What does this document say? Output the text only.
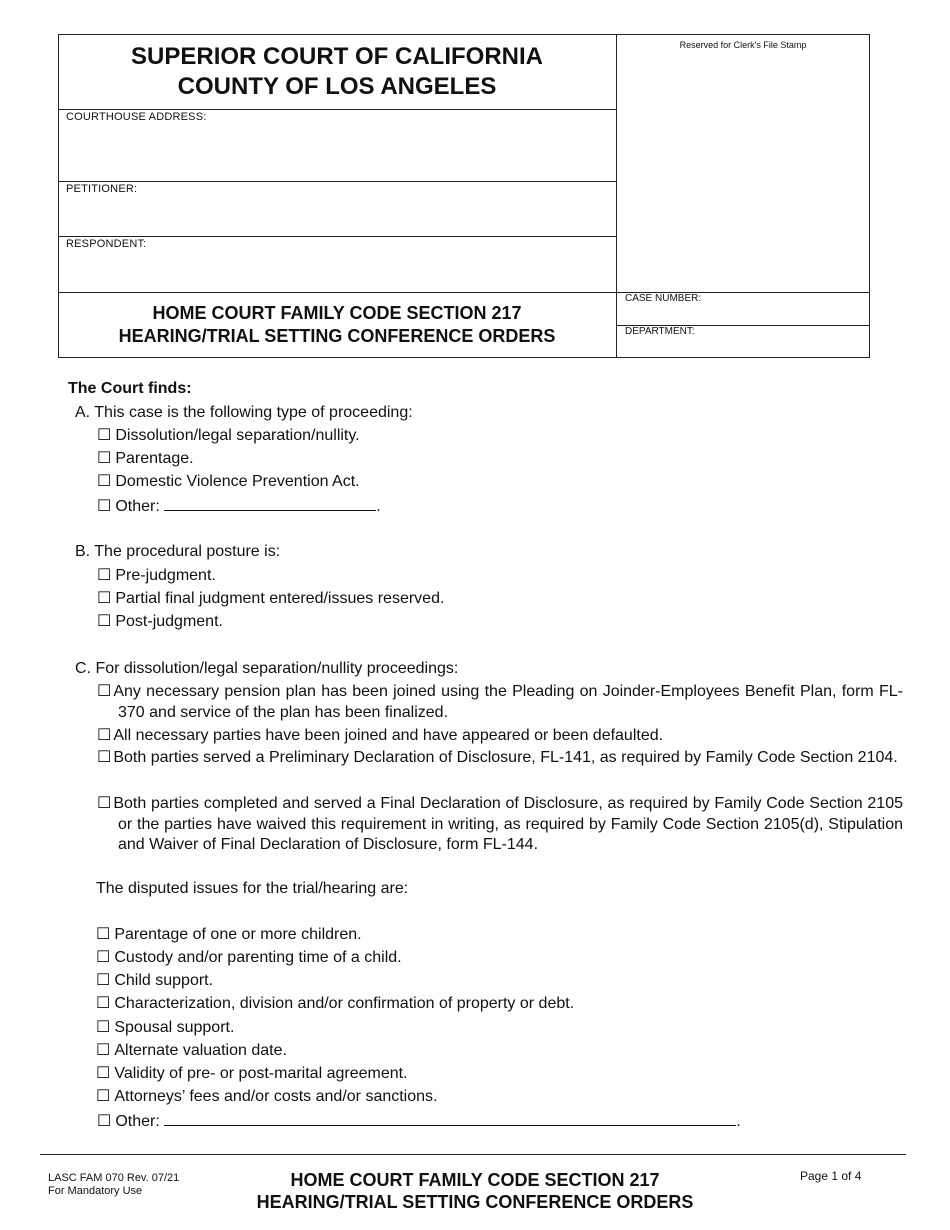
SUPERIOR COURT OF CALIFORNIA
COUNTY OF LOS ANGELES
Reserved for Clerk's File Stamp
COURTHOUSE ADDRESS:
PETITIONER:
RESPONDENT:
HOME COURT FAMILY CODE SECTION 217
HEARING/TRIAL SETTING CONFERENCE ORDERS
CASE NUMBER:
DEPARTMENT:
The Court finds:
A. This case is the following type of proceeding:
☐ Dissolution/legal separation/nullity.
☐ Parentage.
☐ Domestic Violence Prevention Act.
☐ Other:	.
B. The procedural posture is:
☐ Pre-judgment.
☐ Partial final judgment entered/issues reserved.
☐ Post-judgment.
C. For dissolution/legal separation/nullity proceedings:
☐ Any necessary pension plan has been joined using the Pleading on Joinder-Employees Benefit Plan, form FL-370 and service of the plan has been finalized.
☐ All necessary parties have been joined and have appeared or been defaulted.
☐ Both parties served a Preliminary Declaration of Disclosure, FL-141, as required by Family Code Section 2104.
☐ Both parties completed and served a Final Declaration of Disclosure, as required by Family Code Section 2105 or the parties have waived this requirement in writing, as required by Family Code Section 2105(d), Stipulation and Waiver of Final Declaration of Disclosure, form FL-144.
The disputed issues for the trial/hearing are:
☐ Parentage of one or more children.
☐ Custody and/or parenting time of a child.
☐ Child support.
☐ Characterization, division and/or confirmation of property or debt.
☐ Spousal support.
☐ Alternate valuation date.
☐ Validity of pre- or post-marital agreement.
☐ Attorneys’ fees and/or costs and/or sanctions.
☐ Other:	.
LASC FAM 070 Rev. 07/21
For Mandatory Use
HOME COURT FAMILY CODE SECTION 217
HEARING/TRIAL SETTING CONFERENCE ORDERS
Page 1 of 4
